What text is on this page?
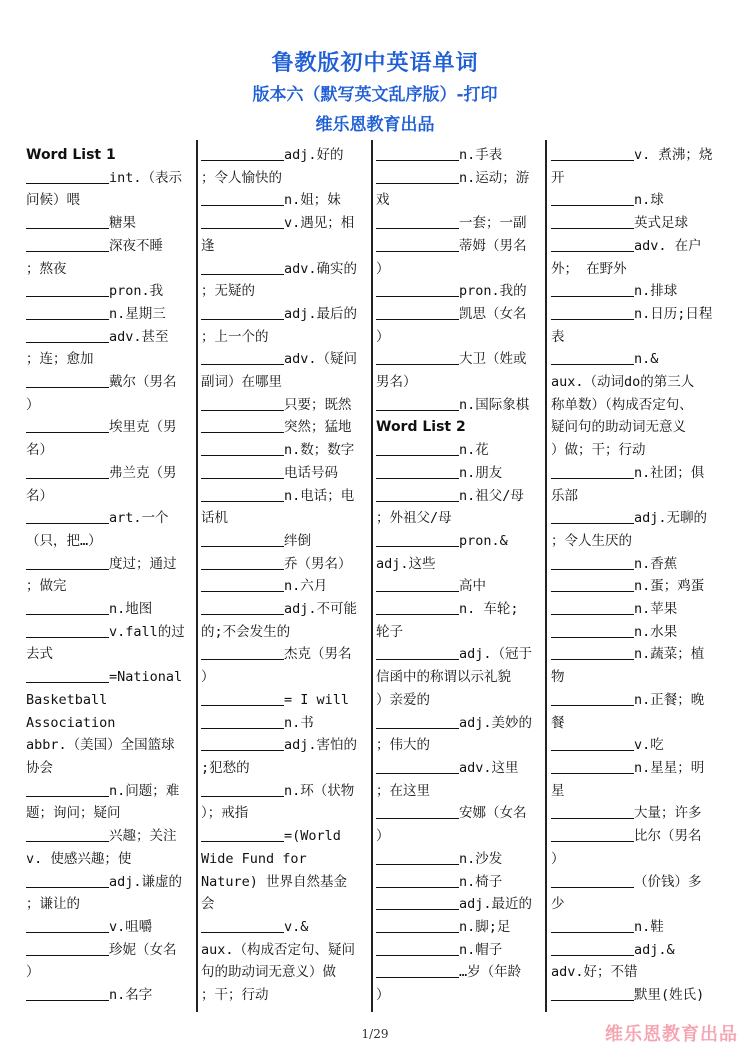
鲁教版初中英语单词
版本六（默写英文乱序版）-打印
维乐恩教育出品
Word List 1
int.（表示
问候）喂
糖果
深夜不睡
；熬夜
pron.我
n.星期三
adv.甚至
；连；愈加
戴尔（男名
）
埃里克（男
名）
弗兰克（男
名）
art.一个
（只，把…）
度过；通过
；做完
n.地图
v.fall的过
去式
=National
Basketball
Association
abbr.（美国）全国篮球
协会
n.问题；难
题；询问；疑问
兴趣；关注
v. 使感兴趣；使
adj.谦虚的
；谦让的
v.咀嚼
珍妮（女名
）
n.名字
adj.好的
；令人愉快的
n.姐；妹
v.遇见；相
逢
adv.确实的
；无疑的
adj.最后的
；上一个的
adv.（疑问
副词）在哪里
只要；既然
突然；猛地
n.数；数字
电话号码
n.电话；电
话机
绊倒
乔（男名）
n.六月
adj.不可能
的;不会发生的
杰克（男名
）
= I will
n.书
adj.害怕的
;犯愁的
n.环（状物
）；戒指
=(World
Wide Fund for
Nature) 世界自然基金
会
v.&
aux.（构成否定句、疑问
句的助动词无意义）做
；干；行动
n.手表
n.运动；游
戏
一套；一副
蒂姆（男名
）
pron.我的
凯思（女名
）
大卫（姓或
男名）
n.国际象棋
Word List 2
n.花
n.朋友
n.祖父/母
；外祖父/母
pron.&
adj.这些
高中
n. 车轮;
轮子
adj.（冠于
信函中的称谓以示礼貌
）亲爱的
adj.美妙的
；伟大的
adv.这里
；在这里
安娜（女名
）
n.沙发
n.椅子
adj.最近的
n.脚;足
n.帽子
…岁（年龄
）
v. 煮沸；烧
开
n.球
英式足球
adv. 在户
外； 在野外
n.排球
n.日历;日程
表
n.&
aux.（动词do的第三人
称单数）（构成否定句、
疑问句的助动词无意义
）做；干；行动
n.社团；俱
乐部
adj.无聊的
；令人生厌的
n.香蕉
n.蛋；鸡蛋
n.苹果
n.水果
n.蔬菜；植
物
n.正餐；晚
餐
v.吃
n.星星；明
星
大量；许多
比尔（男名
）
（价钱）多
少
n.鞋
adj.&
adv.好；不错
默里(姓氏)
1/29	维乐恩教育出品
